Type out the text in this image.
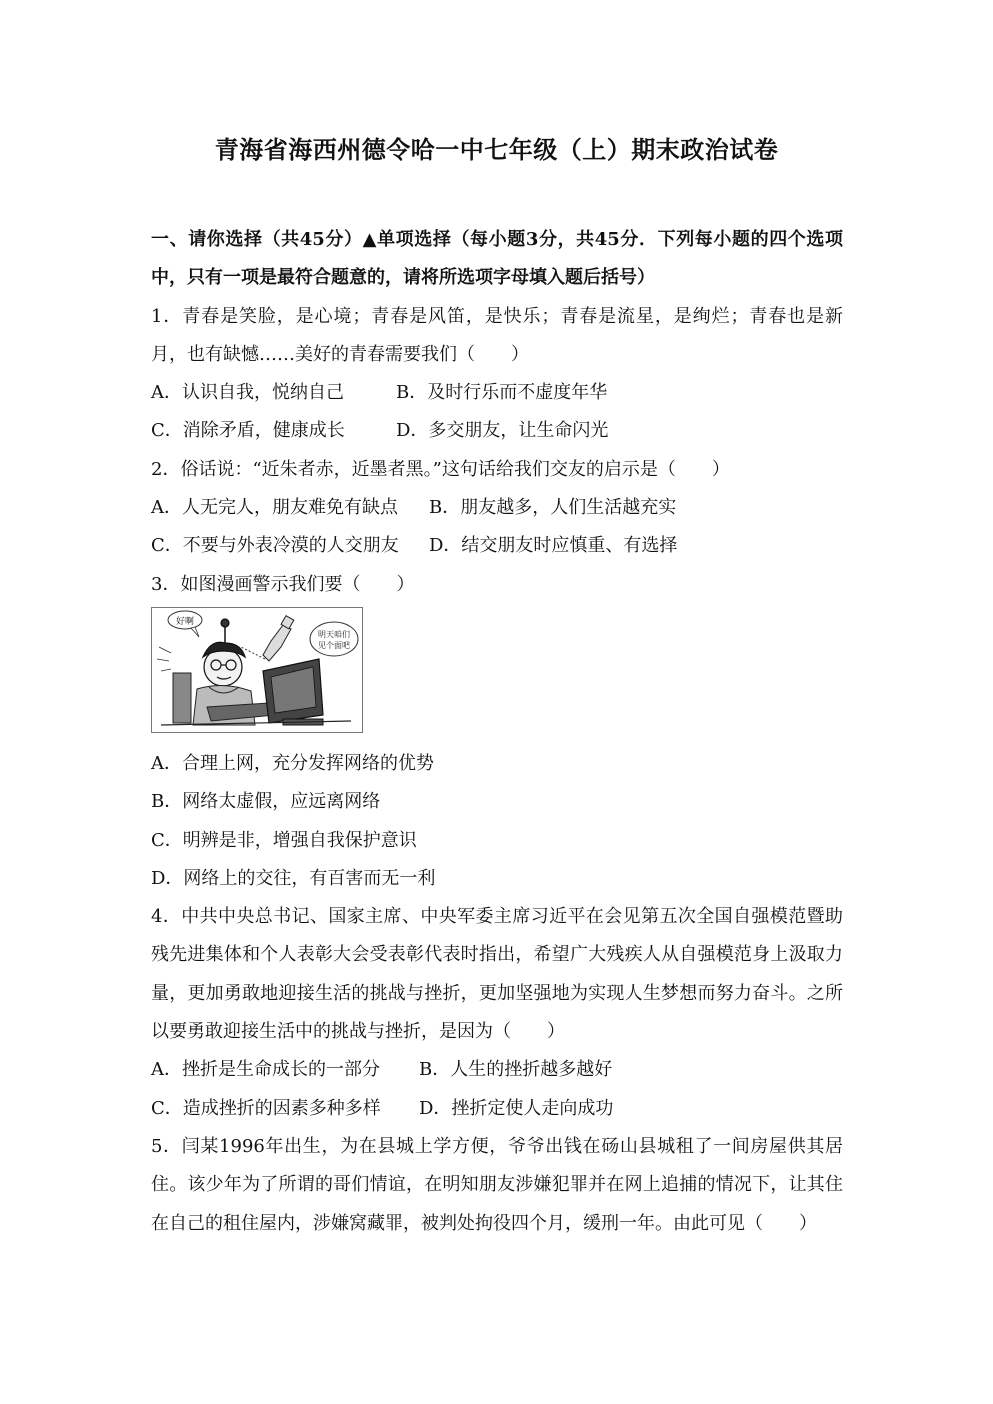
青海省海西州德令哈一中七年级（上）期末政治试卷
一、请你选择（共45分）▲单项选择（每小题3分，共45分．下列每小题的四个选项中，只有一项是最符合题意的，请将所选项字母填入题后括号）
1．青春是笑脸，是心境；青春是风笛，是快乐；青春是流星，是绚烂；青春也是新月，也有缺憾……美好的青春需要我们（　　）
A．认识自我，悦纳自己	B．及时行乐而不虚度年华
C．消除矛盾，健康成长	D．多交朋友，让生命闪光
2．俗话说：“近朱者赤，近墨者黑。”这句话给我们交友的启示是（　　）
A．人无完人，朋友难免有缺点	B．朋友越多，人们生活越充实
C．不要与外表冷漠的人交朋友	D．结交朋友时应慎重、有选择
3．如图漫画警示我们要（　　）
好啊
明天咱们
见个面吧
A．合理上网，充分发挥网络的优势
B．网络太虚假，应远离网络
C．明辨是非，增强自我保护意识
D．网络上的交往，有百害而无一利
4．中共中央总书记、国家主席、中央军委主席习近平在会见第五次全国自强模范暨助残先进集体和个人表彰大会受表彰代表时指出，希望广大残疾人从自强模范身上汲取力量，更加勇敢地迎接生活的挑战与挫折，更加坚强地为实现人生梦想而努力奋斗。之所以要勇敢迎接生活中的挑战与挫折，是因为（　　）
A．挫折是生命成长的一部分	B．人生的挫折越多越好
C．造成挫折的因素多种多样	D．挫折定使人走向成功
5．闫某1996年出生，为在县城上学方便，爷爷出钱在砀山县城租了一间房屋供其居住。该少年为了所谓的哥们情谊，在明知朋友涉嫌犯罪并在网上追捕的情况下，让其住在自己的租住屋内，涉嫌窝藏罪，被判处拘役四个月，缓刑一年。由此可见（　　）
